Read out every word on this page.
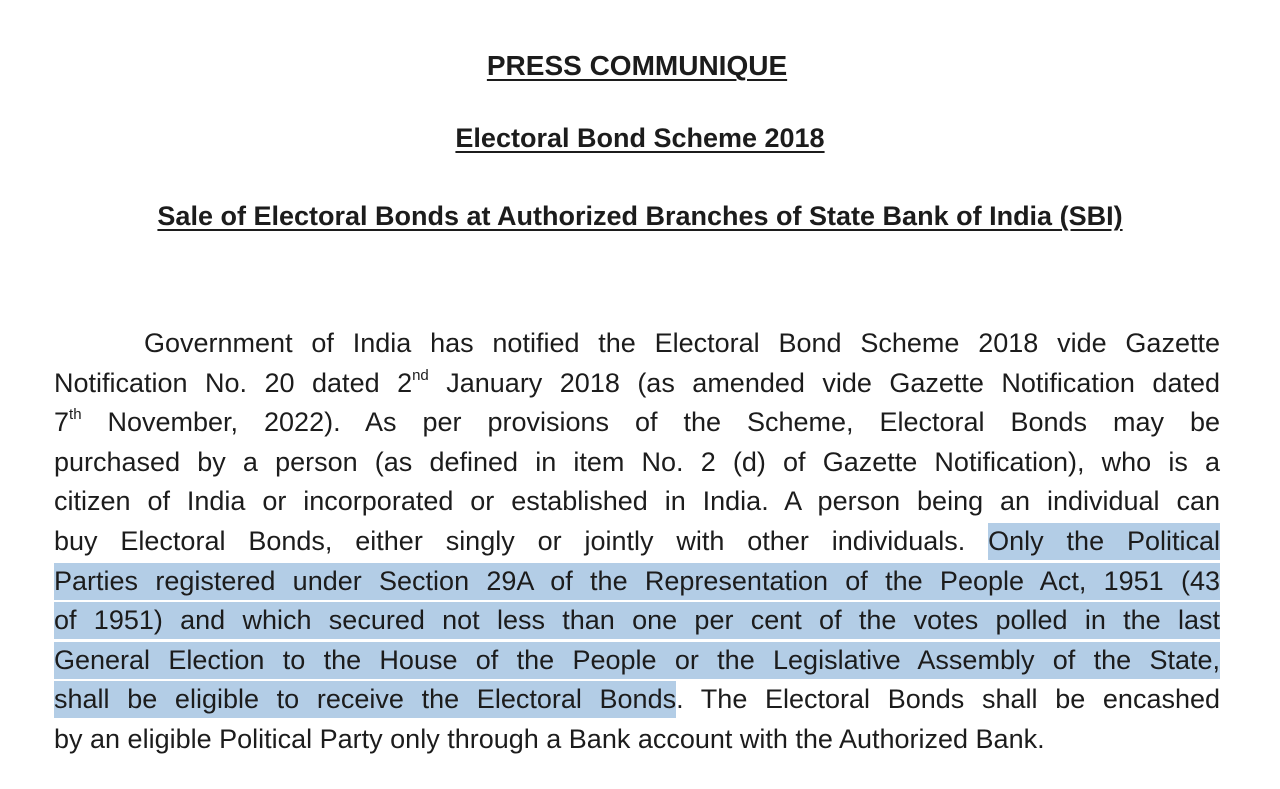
PRESS COMMUNIQUE
Electoral Bond Scheme 2018
Sale of Electoral Bonds at Authorized Branches of State Bank of India (SBI)
Government of India has notified the Electoral Bond Scheme 2018 vide Gazette
Notification No. 20 dated 2nd January 2018 (as amended vide Gazette Notification dated
7th November, 2022). As per provisions of the Scheme, Electoral Bonds may be
purchased by a person (as defined in item No. 2 (d) of Gazette Notification), who is a
citizen of India or incorporated or established in India. A person being an individual can
buy Electoral Bonds, either singly or jointly with other individuals. Only the Political
Parties registered under Section 29A of the Representation of the People Act, 1951 (43
of 1951) and which secured not less than one per cent of the votes polled in the last
General Election to the House of the People or the Legislative Assembly of the State,
shall be eligible to receive the Electoral Bonds. The Electoral Bonds shall be encashed
by an eligible Political Party only through a Bank account with the Authorized Bank.
